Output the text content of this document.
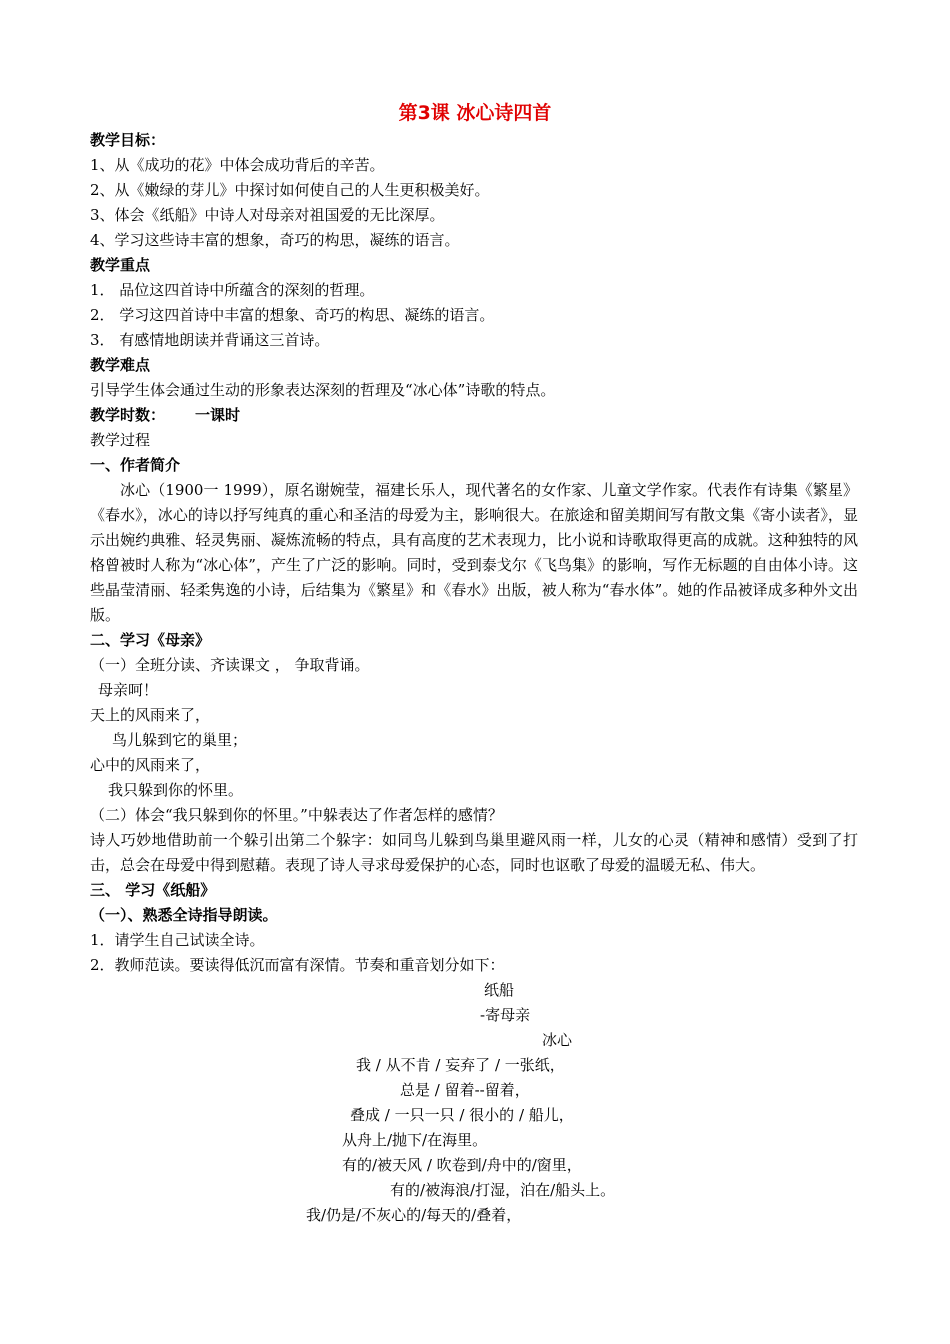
第3课 冰心诗四首
教学目标：
1、从《成功的花》中体会成功背后的辛苦。
2、从《嫩绿的芽儿》中探讨如何使自己的人生更积极美好。
3、体会《纸船》中诗人对母亲对祖国爱的无比深厚。
4、学习这些诗丰富的想象，奇巧的构思，凝练的语言。
教学重点
1． 品位这四首诗中所蕴含的深刻的哲理。
2． 学习这四首诗中丰富的想象、奇巧的构思、凝练的语言。
3． 有感情地朗读并背诵这三首诗。
教学难点
引导学生体会通过生动的形象表达深刻的哲理及“冰心体”诗歌的特点。
教学时数： 一课时
教学过程
一、作者简介
冰心（1900一 1999），原名谢婉莹，福建长乐人，现代著名的女作家、儿童文学作家。代表作有诗集《繁星》《春水》，冰心的诗以抒写纯真的重心和圣洁的母爱为主，影响很大。在旅途和留美期间写有散文集《寄小读者》，显示出婉约典雅、轻灵隽丽、凝炼流畅的特点，具有高度的艺术表现力，比小说和诗歌取得更高的成就。这种独特的风格曾被时人称为“冰心体”，产生了广泛的影响。同时，受到泰戈尔《飞鸟集》的影响，写作无标题的自由体小诗。这些晶莹清丽、轻柔隽逸的小诗，后结集为《繁星》和《春水》出版，被人称为“春水体”。她的作品被译成多种外文出版。
二、学习《母亲》
（一）全班分读、齐读课文 ， 争取背诵。
母亲呵！
天上的风雨来了，
鸟儿躲到它的巢里；
心中的风雨来了，
我只躲到你的怀里。
（二）体会“我只躲到你的怀里。”中躲表达了作者怎样的感情？
诗人巧妙地借助前一个躲引出第二个躲字：如同鸟儿躲到鸟巢里避风雨一样，儿女的心灵（精神和感情）受到了打击，总会在母爱中得到慰藉。表现了诗人寻求母爱保护的心态，同时也讴歌了母爱的温暖无私、伟大。
三、 学习《纸船》
（一）、熟悉全诗指导朗读。
1．请学生自己试读全诗。
2．教师范读。要读得低沉而富有深情。节奏和重音划分如下：
纸船
-寄母亲
冰心
我 / 从不肯 / 妄弃了 / 一张纸，
总是 / 留着--留着，
叠成 / 一只一只 / 很小的 / 船儿，
从舟上/抛下/在海里。
有的/被天风 / 吹卷到/舟中的/窗里，
有的/被海浪/打湿，泊在/船头上。
我/仍是/不灰心的/每天的/叠着，
